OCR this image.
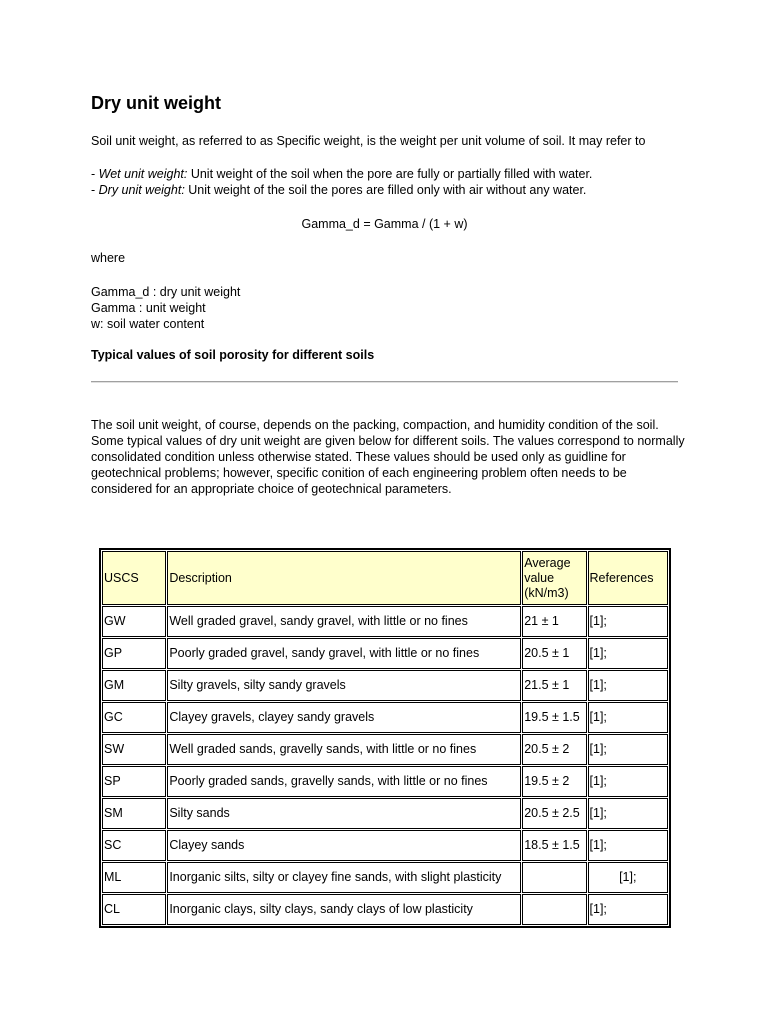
Dry unit weight

Soil unit weight, as referred to as Specific weight, is the weight per unit volume of soil. It may refer to

- Wet unit weight: Unit weight of the soil when the pore are fully or partially filled with water.
- Dry unit weight: Unit weight of the soil the pores are filled only with air without any water.

Gamma_d = Gamma / (1 + w)

where

Gamma_d : dry unit weight
Gamma : unit weight
w: soil water content

Typical values of soil porosity for different soils

The soil unit weight, of course, depends on the packing, compaction, and humidity condition of the soil. Some typical values of dry unit weight are given below for different soils. The values correspond to normally consolidated condition unless otherwise stated. These values should be used only as guidline for geotechnical problems; however, specific conition of each engineering problem often needs to be considered for an appropriate choice of geotechnical parameters.

USCS	Description	Average value (kN/m3)	References
GW	Well graded gravel, sandy gravel, with little or no fines	21 ± 1	[1];
GP	Poorly graded gravel, sandy gravel, with little or no fines	20.5 ± 1	[1];
GM	Silty gravels, silty sandy gravels	21.5 ± 1	[1];
GC	Clayey gravels, clayey sandy gravels	19.5 ± 1.5	[1];
SW	Well graded sands, gravelly sands, with little or no fines	20.5 ± 2	[1];
SP	Poorly graded sands, gravelly sands, with little or no fines	19.5 ± 2	[1];
SM	Silty sands	20.5 ± 2.5	[1];
SC	Clayey sands	18.5 ± 1.5	[1];
ML	Inorganic silts, silty or clayey fine sands, with slight plasticity		[1];
CL	Inorganic clays, silty clays, sandy clays of low plasticity		[1];
